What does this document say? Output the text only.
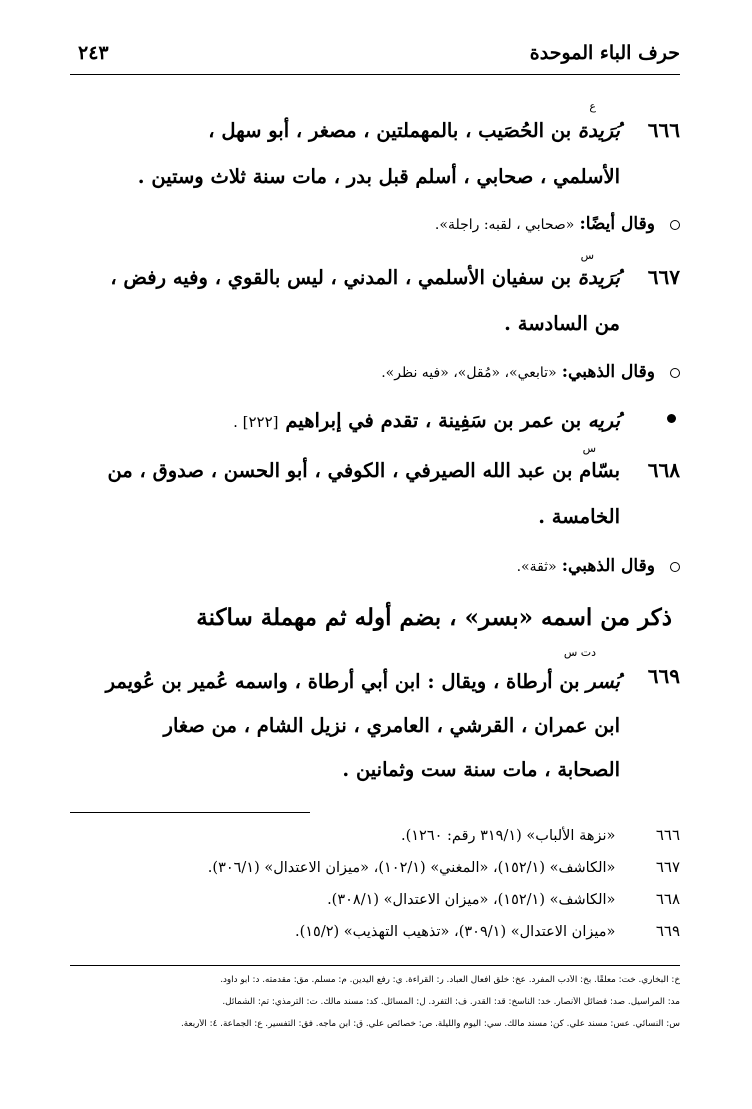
حرف الباء الموحدة
٢٤٣
٦٦٦
ع
بُرَيدة بن الحُصَيب ، بالمهملتين ، مصغر ، أبو سهل ،
الأسلمي ، صحابي ، أسلم قبل بدر ، مات سنة ثلاث وستين .
وقال أيضًا: «صحابي ، لقبه: راجلة».
٦٦٧
س
بُرَيدة بن سفيان الأسلمي ، المدني ، ليس بالقوي ، وفيه رفض ،
من السادسة .
وقال الذهبي: «تابعي»، «مُقل»، «فيه نظر».
بُريه بن عمر بن سَفِينة ، تقدم في إبراهيم [٢٢٢] .
٦٦٨
س
بسّام بن عبد الله الصيرفي ، الكوفي ، أبو الحسن ، صدوق ، من
الخامسة .
وقال الذهبي: «ثقة».
ذكر من اسمه «بسر» ، بضم أوله ثم مهملة ساكنة
٦٦٩
دت س
بُسر بن أرطاة ، ويقال : ابن أبي أرطاة ، واسمه عُمير بن عُويمر
ابن عمران ، القرشي ، العامري ، نزيل الشام ، من صغار
الصحابة ، مات سنة ست وثمانين .
٦٦٦ «نزهة الألباب» (٣١٩/١ رقم: ١٢٦٠).
٦٦٧ «الكاشف» (١٥٢/١)، «المغني» (١٠٢/١)، «ميزان الاعتدال» (٣٠٦/١).
٦٦٨ «الكاشف» (١٥٢/١)، «ميزان الاعتدال» (٣٠٨/١).
٦٦٩ «ميزان الاعتدال» (٣٠٩/١)، «تذهيب التهذيب» (١٥/٢).
خ: البخاري. خت: معلقًا. بخ: الأدب المفرد. عخ: خلق أفعال العباد. ر: القراءة. ي: رفع اليدين. م: مسلم. مق: مقدمته. د: أبو داود.
مد: المراسيل. صد: فضائل الأنصار. خد: الناسخ: قد: القدر. ف: التفرد. ل: المسائل. كد: مسند مالك. ت: الترمذي: تم: الشمائل.
س: النسائي. عس: مسند علي. كن: مسند مالك. سي: اليوم والليلة. ص: خصائص علي. ق: ابن ماجه. فق: التفسير. ع: الجماعة. ٤: الأربعة.
